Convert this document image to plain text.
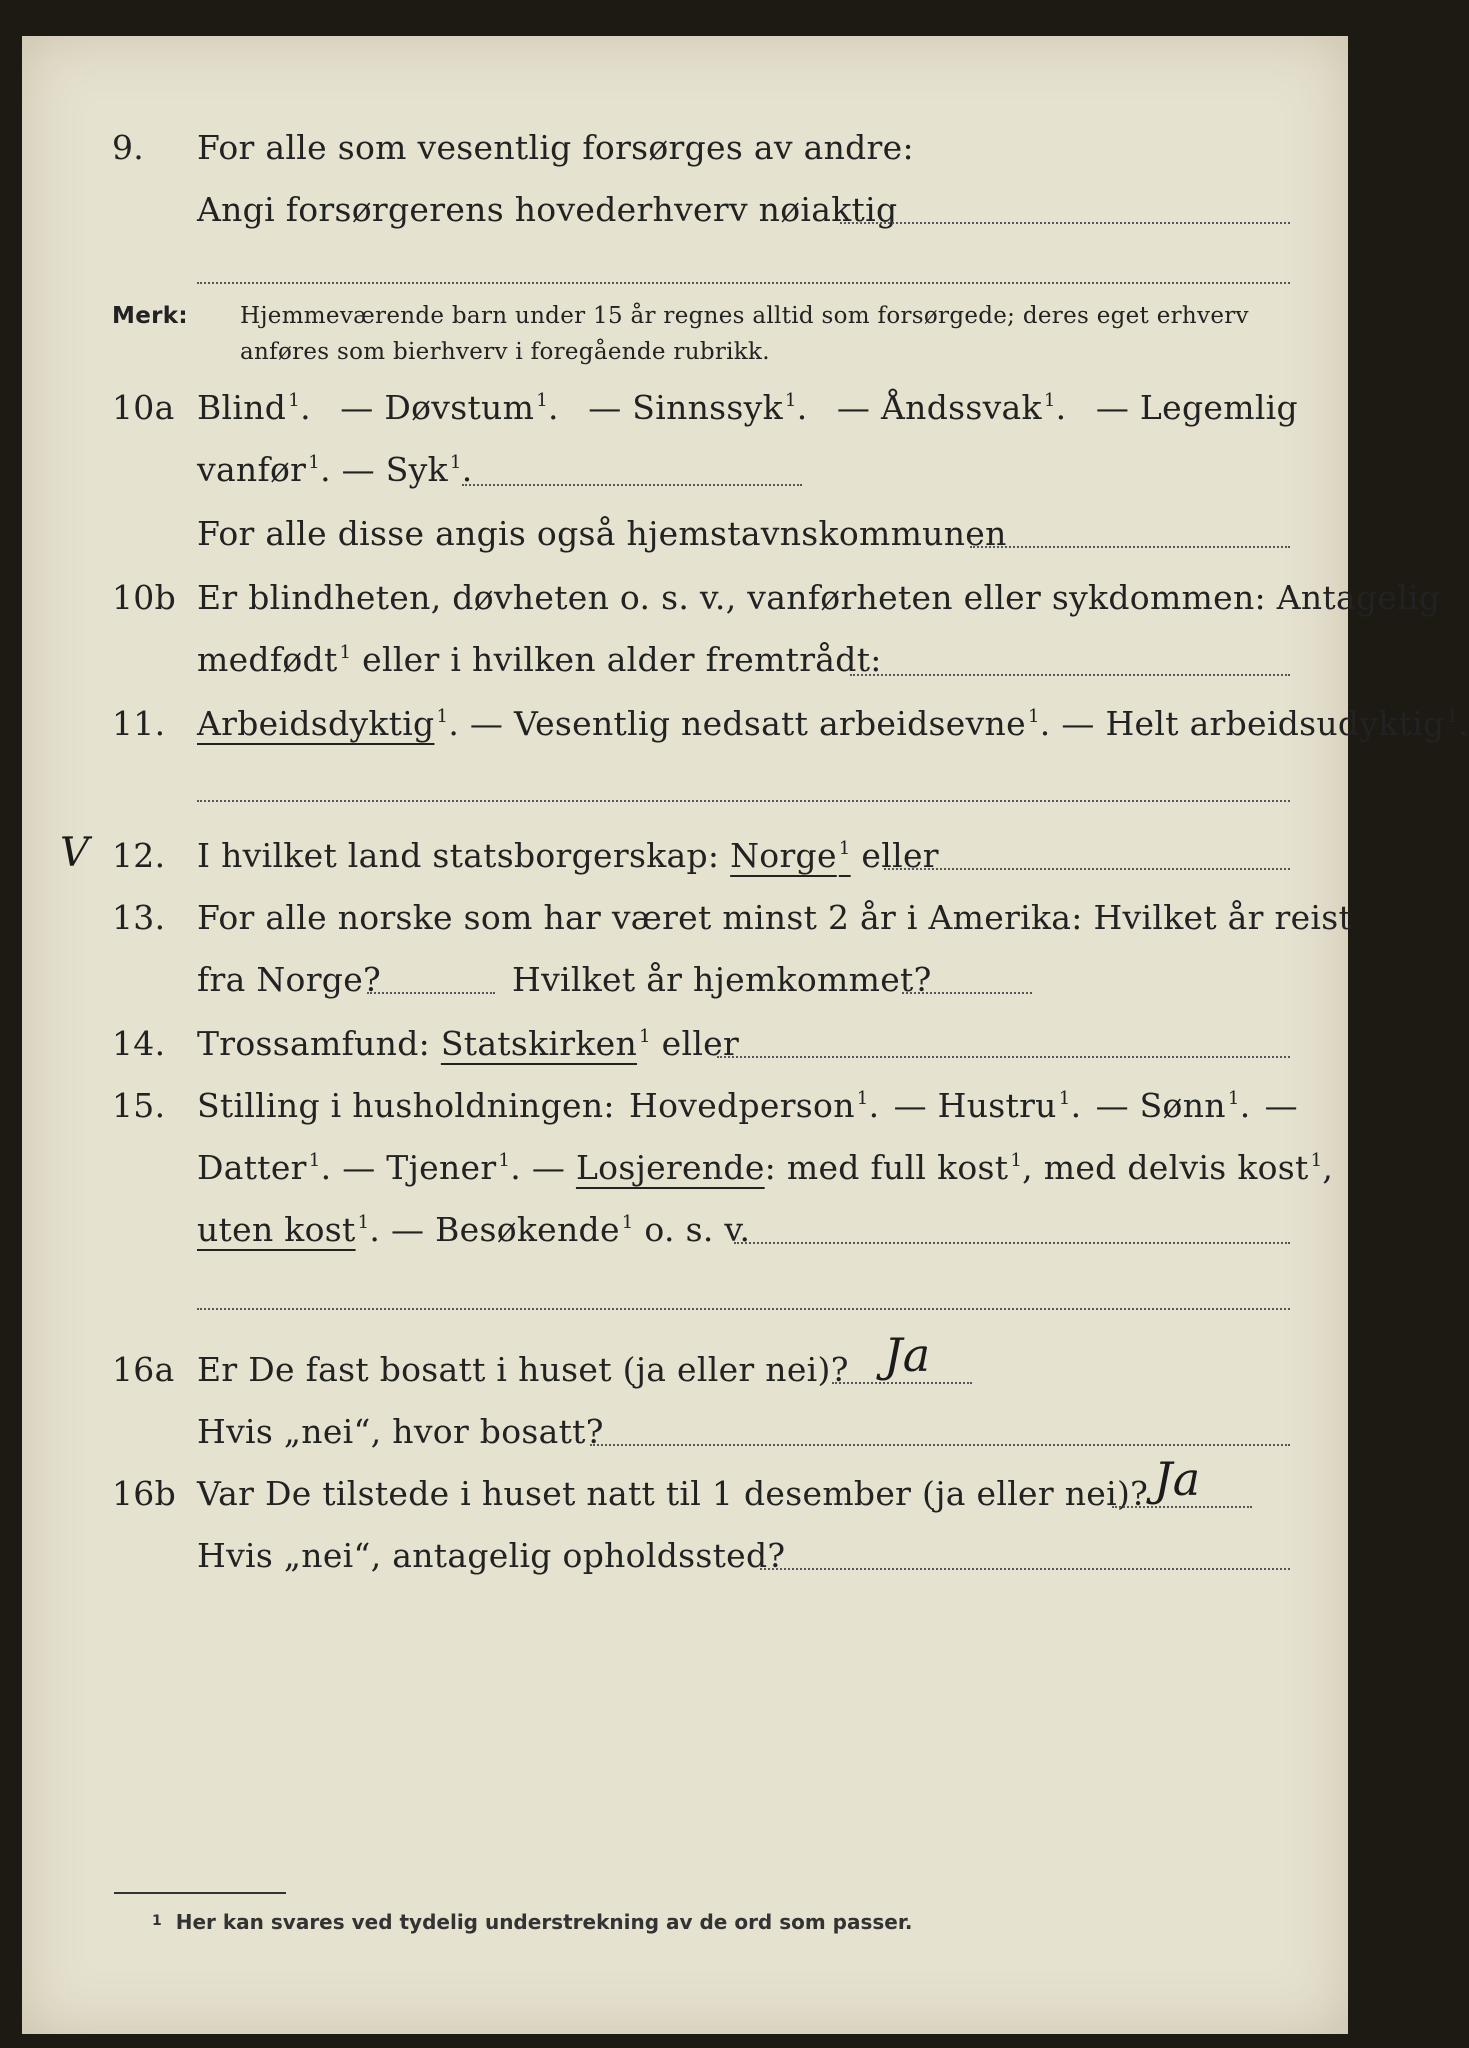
9. For alle som vesentlig forsørges av andre:
Angi forsørgerens hovederhverv nøiaktig
Merk: Hjemmeværende barn under 15 år regnes alltid som forsørgede; deres eget erhverv
anføres som bierhverv i foregående rubrikk.
10a Blind $^1$. — Døvstum $^1$. — Sinnssyk $^1$. — Åndssvak $^1$. — Legemlig
vanfør $^1$. — Syk $^1$.
For alle disse angis også hjemstavnskommunen
10b Er blindheten, døvheten o. s. v., vanførheten eller sykdommen: Antagelig
medfødt $^1$ eller i hvilken alder fremtrådt:
11. Arbeidsdyktig $^1$. — Vesentlig nedsatt arbeidsevne $^1$. — Helt arbeidsudyktig $^1$.
V 12. I hvilket land statsborgerskap: Norge $^1$ eller
13. For alle norske som har været minst 2 år i Amerika: Hvilket år reist
fra Norge?	Hvilket år hjemkommet?
14. Trossamfund: Statskirken $^1$ eller
15. Stilling i husholdningen: Hovedperson $^1$. — Hustru $^1$. — Sønn $^1$. —
Datter $^1$. — Tjener $^1$. — Losjerende: med full kost $^1$, med delvis kost $^1$,
uten kost $^1$. — Besøkende $^1$ o. s. v.
16a Er De fast bosatt i huset (ja eller nei)? Ja
Hvis „nei“, hvor bosatt?
16b Var De tilstede i huset natt til 1 desember (ja eller nei)? Ja
Hvis „nei“, antagelig opholdssted?
$^1$ Her kan svares ved tydelig understrekning av de ord som passer.
